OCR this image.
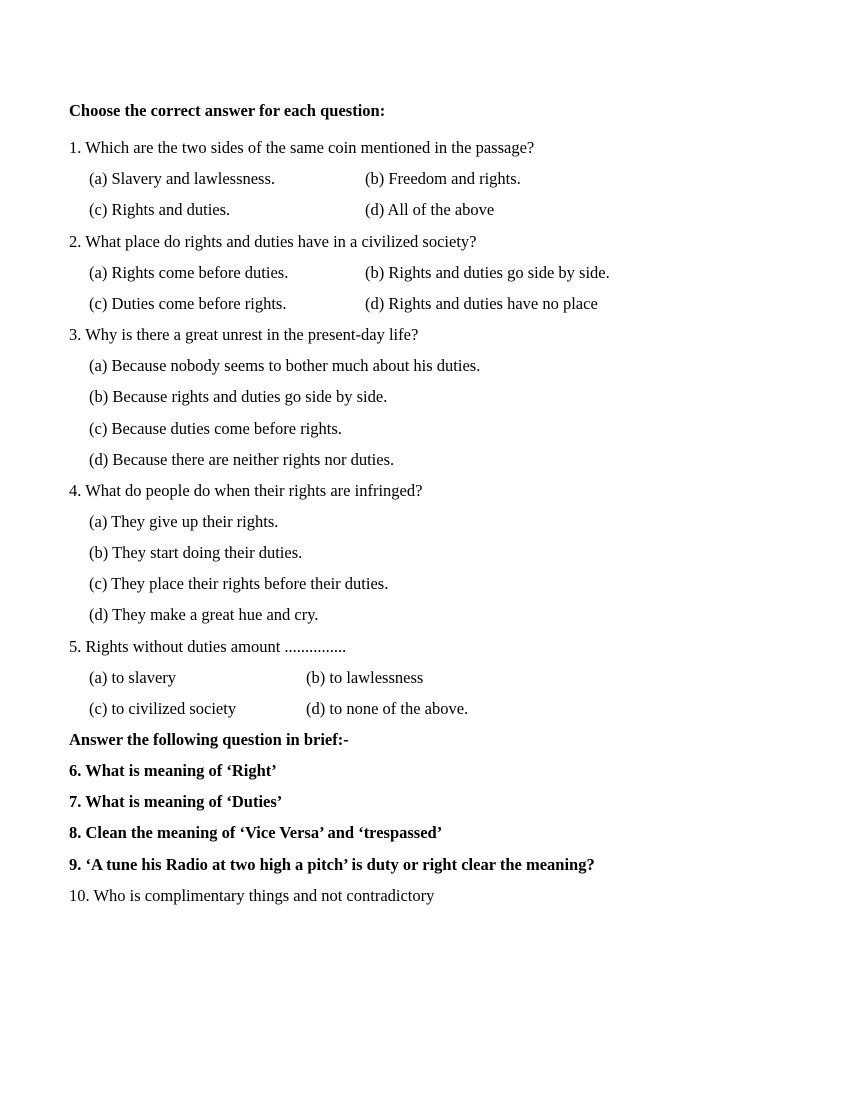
Choose the correct answer for each question:
1. Which are the two sides of the same coin mentioned in the passage?
(a) Slavery and lawlessness.	(b) Freedom and rights.
(c) Rights and duties.	(d) All of the above
2. What place do rights and duties have in a civilized society?
(a) Rights come before duties.	(b) Rights and duties go side by side.
(c) Duties come before rights.	(d) Rights and duties have no place
3. Why is there a great unrest in the present-day life?
(a) Because nobody seems to bother much about his duties.
(b) Because rights and duties go side by side.
(c) Because duties come before rights.
(d) Because there are neither rights nor duties.
4. What do people do when their rights are infringed?
(a) They give up their rights.
(b) They start doing their duties.
(c) They place their rights before their duties.
(d) They make a great hue and cry.
5. Rights without duties amount ...............
(a) to slavery	(b) to lawlessness
(c) to civilized society	(d) to none of the above.
Answer the following question in brief:-
6. What is meaning of ‘Right’
7. What is meaning of ‘Duties’
8. Clean the meaning of ‘Vice Versa’ and ‘trespassed’
9. ‘A tune his Radio at two high a pitch’ is duty or right clear the meaning?
10. Who is complimentary things and not contradictory
